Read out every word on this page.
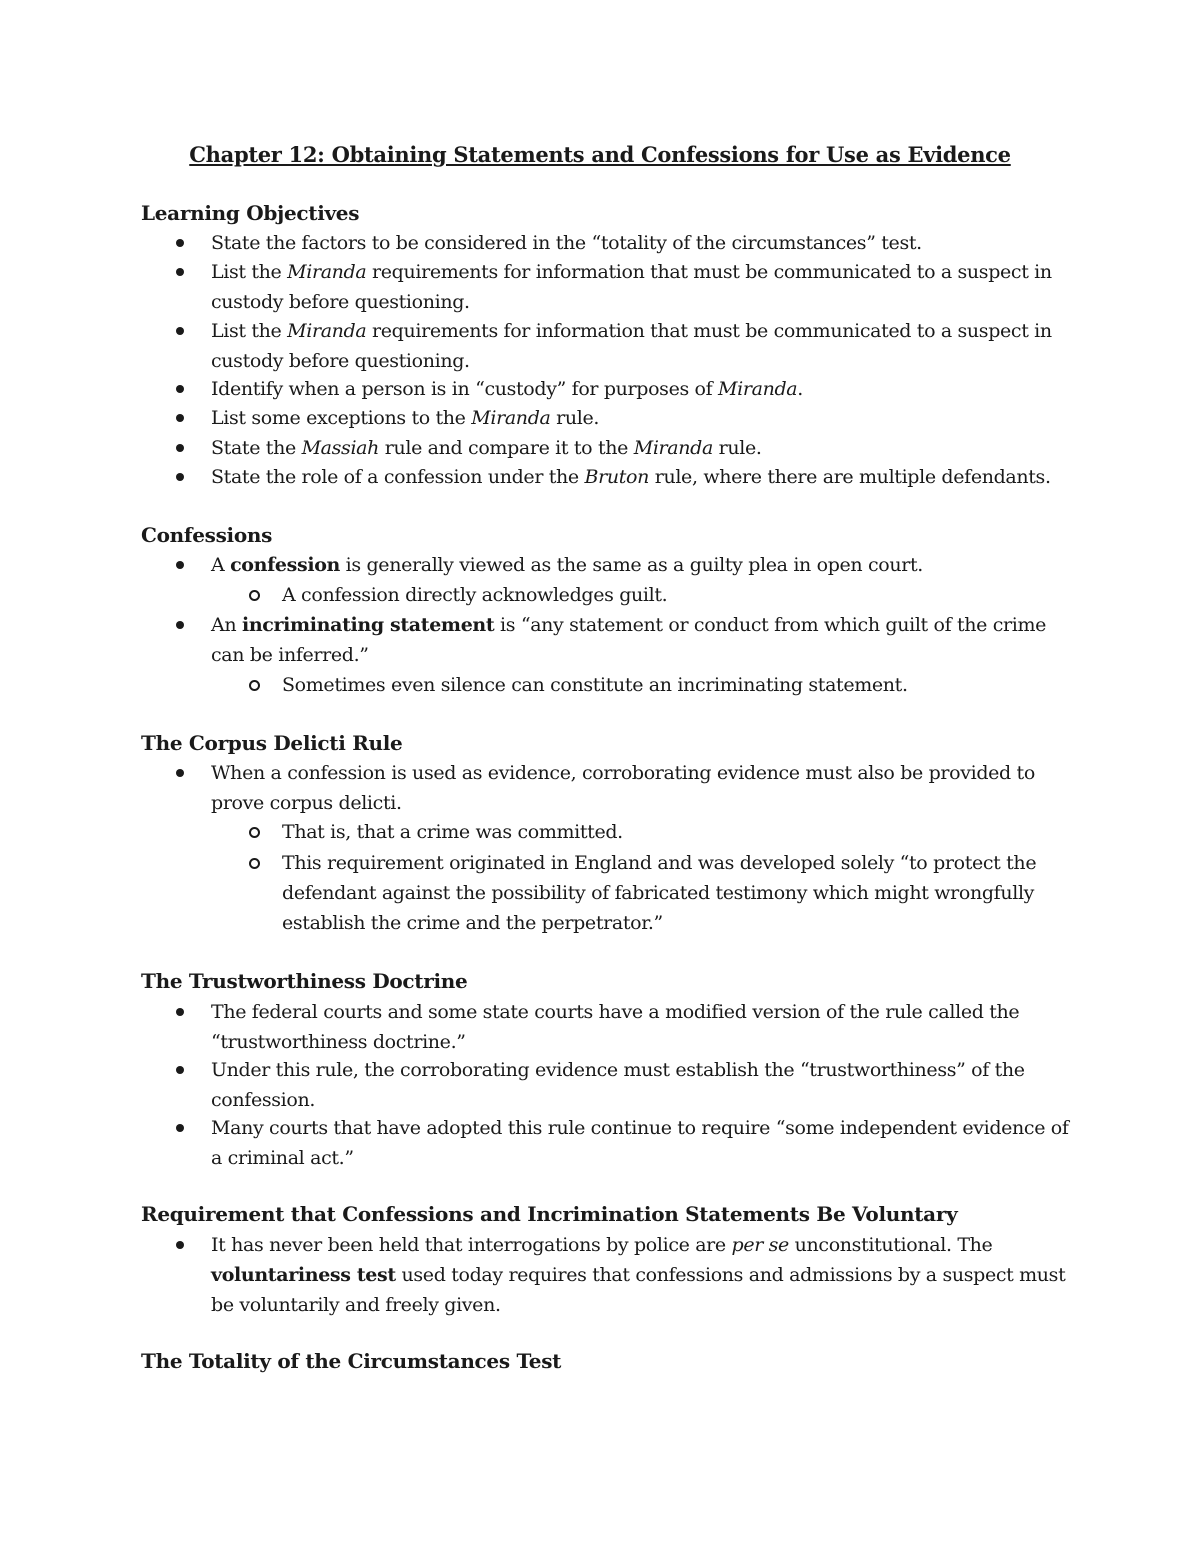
Chapter 12: Obtaining Statements and Confessions for Use as Evidence
Learning Objectives
State the factors to be considered in the “totality of the circumstances” test.
List the Miranda requirements for information that must be communicated to a suspect in custody before questioning.
List the Miranda requirements for information that must be communicated to a suspect in custody before questioning.
Identify when a person is in “custody” for purposes of Miranda.
List some exceptions to the Miranda rule.
State the Massiah rule and compare it to the Miranda rule.
State the role of a confession under the Bruton rule, where there are multiple defendants.
Confessions
A confession is generally viewed as the same as a guilty plea in open court.
A confession directly acknowledges guilt.
An incriminating statement is “any statement or conduct from which guilt of the crime can be inferred.”
Sometimes even silence can constitute an incriminating statement.
The Corpus Delicti Rule
When a confession is used as evidence, corroborating evidence must also be provided to prove corpus delicti.
That is, that a crime was committed.
This requirement originated in England and was developed solely “to protect the defendant against the possibility of fabricated testimony which might wrongfully establish the crime and the perpetrator.”
The Trustworthiness Doctrine
The federal courts and some state courts have a modified version of the rule called the “trustworthiness doctrine.”
Under this rule, the corroborating evidence must establish the “trustworthiness” of the confession.
Many courts that have adopted this rule continue to require “some independent evidence of a criminal act.”
Requirement that Confessions and Incrimination Statements Be Voluntary
It has never been held that interrogations by police are per se unconstitutional. The voluntariness test used today requires that confessions and admissions by a suspect must be voluntarily and freely given.
The Totality of the Circumstances Test
